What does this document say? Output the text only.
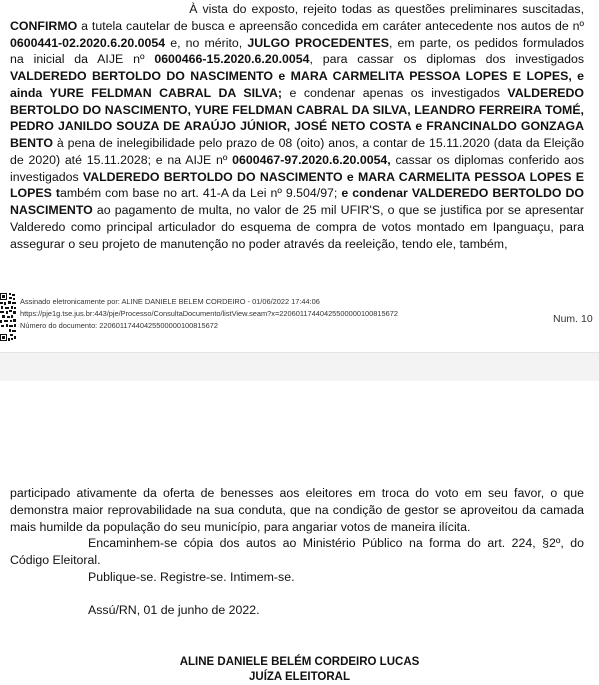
À vista do exposto, rejeito todas as questões preliminares suscitadas, CONFIRMO a tutela cautelar de busca e apreensão concedida em caráter antecedente nos autos de nº 0600441-02.2020.6.20.0054 e, no mérito, JULGO PROCEDENTES, em parte, os pedidos formulados na inicial da AIJE nº 0600466-15.2020.6.20.0054, para cassar os diplomas dos investigados VALDEREDO BERTOLDO DO NASCIMENTO e MARA CARMELITA PESSOA LOPES E LOPES, e ainda YURE FELDMAN CABRAL DA SILVA; e condenar apenas os investigados VALDEREDO BERTOLDO DO NASCIMENTO, YURE FELDMAN CABRAL DA SILVA, LEANDRO FERREIRA TOMÉ, PEDRO JANILDO SOUZA DE ARAÚJO JÚNIOR, JOSÉ NETO COSTA e FRANCINALDO GONZAGA BENTO à pena de inelegibilidade pelo prazo de 08 (oito) anos, a contar de 15.11.2020 (data da Eleição de 2020) até 15.11.2028; e na AIJE nº 0600467-97.2020.6.20.0054, cassar os diplomas conferido aos investigados VALDEREDO BERTOLDO DO NASCIMENTO e MARA CARMELITA PESSOA LOPES E LOPES também com base no art. 41-A da Lei nº 9.504/97; e condenar VALDEREDO BERTOLDO DO NASCIMENTO ao pagamento de multa, no valor de 25 mil UFIR'S, o que se justifica por se apresentar Valderedo como principal articulador do esquema de compra de votos montado em Ipanguaçu, para assegurar o seu projeto de manutenção no poder através da reeleição, tendo ele, também,

Assinado eletronicamente por: ALINE DANIELE BELEM CORDEIRO - 01/06/2022 17:44:06
https://pje1g.tse.jus.br:443/pje/Processo/ConsultaDocumento/listView.seam?x=22060117440425500000100815672
Número do documento: 22060117440425500000100815672
Num. 10
participado ativamente da oferta de benesses aos eleitores em troca do voto em seu favor, o que demonstra maior reprovabilidade na sua conduta, que na condição de gestor se aproveitou da camada mais humilde da população do seu município, para angariar votos de maneira ilícita.
Encaminhem-se cópia dos autos ao Ministério Público na forma do art. 224, §2º, do Código Eleitoral.
Publique-se. Registre-se. Intimem-se.

Assú/RN, 01 de junho de 2022.
ALINE DANIELE BELÉM CORDEIRO LUCAS
JUÍZA ELEITORAL
